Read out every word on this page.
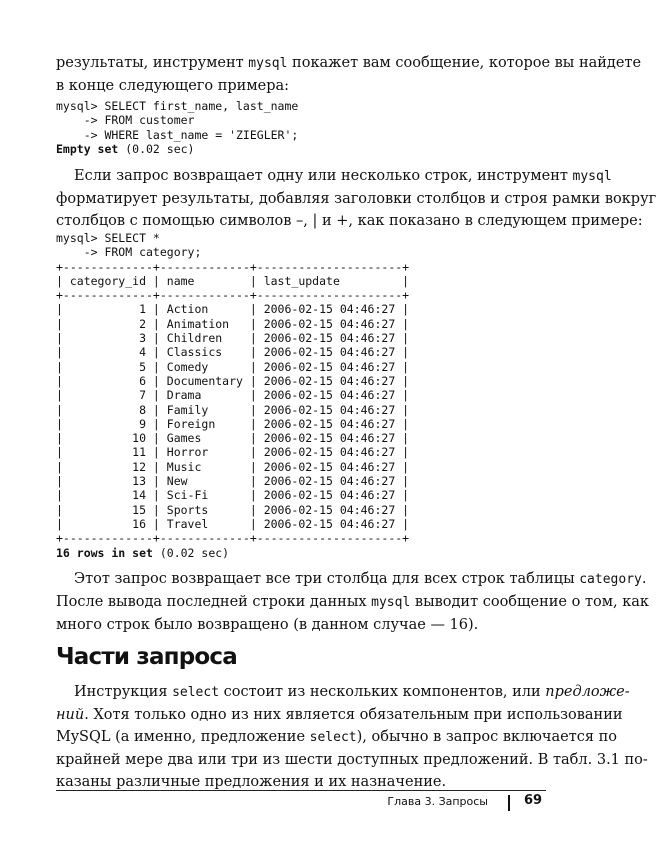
результаты, инструмент mysql покажет вам сообщение, которое вы найдете
в конце следующего примера:

mysql> SELECT first_name, last_name
-> FROM customer
-> WHERE last_name = 'ZIEGLER';
Empty set (0.02 sec)

Если запрос возвращает одну или несколько строк, инструмент mysql
форматирует результаты, добавляя заголовки столбцов и строя рамки вокруг
столбцов с помощью символов –, | и +, как показано в следующем примере:

mysql> SELECT *
-> FROM category;
+-------------+-------------+---------------------+
| category_id | name        | last_update         |
+-------------+-------------+---------------------+
|           1 | Action      | 2006-02-15 04:46:27 |
|           2 | Animation   | 2006-02-15 04:46:27 |
|           3 | Children    | 2006-02-15 04:46:27 |
|           4 | Classics    | 2006-02-15 04:46:27 |
|           5 | Comedy      | 2006-02-15 04:46:27 |
|           6 | Documentary | 2006-02-15 04:46:27 |
|           7 | Drama       | 2006-02-15 04:46:27 |
|           8 | Family      | 2006-02-15 04:46:27 |
|           9 | Foreign     | 2006-02-15 04:46:27 |
|          10 | Games       | 2006-02-15 04:46:27 |
|          11 | Horror      | 2006-02-15 04:46:27 |
|          12 | Music       | 2006-02-15 04:46:27 |
|          13 | New         | 2006-02-15 04:46:27 |
|          14 | Sci-Fi      | 2006-02-15 04:46:27 |
|          15 | Sports      | 2006-02-15 04:46:27 |
|          16 | Travel      | 2006-02-15 04:46:27 |
+-------------+-------------+---------------------+
16 rows in set (0.02 sec)

Этот запрос возвращает все три столбца для всех строк таблицы category.
После вывода последней строки данных mysql выводит сообщение о том, как
много строк было возвращено (в данном случае — 16).

Части запроса

Инструкция select состоит из нескольких компонентов, или предложе-
ний. Хотя только одно из них является обязательным при использовании
MySQL (а именно, предложение select), обычно в запрос включается по
крайней мере два или три из шести доступных предложений. В табл. 3.1 по-
казаны различные предложения и их назначение.

Глава 3. Запросы	69
